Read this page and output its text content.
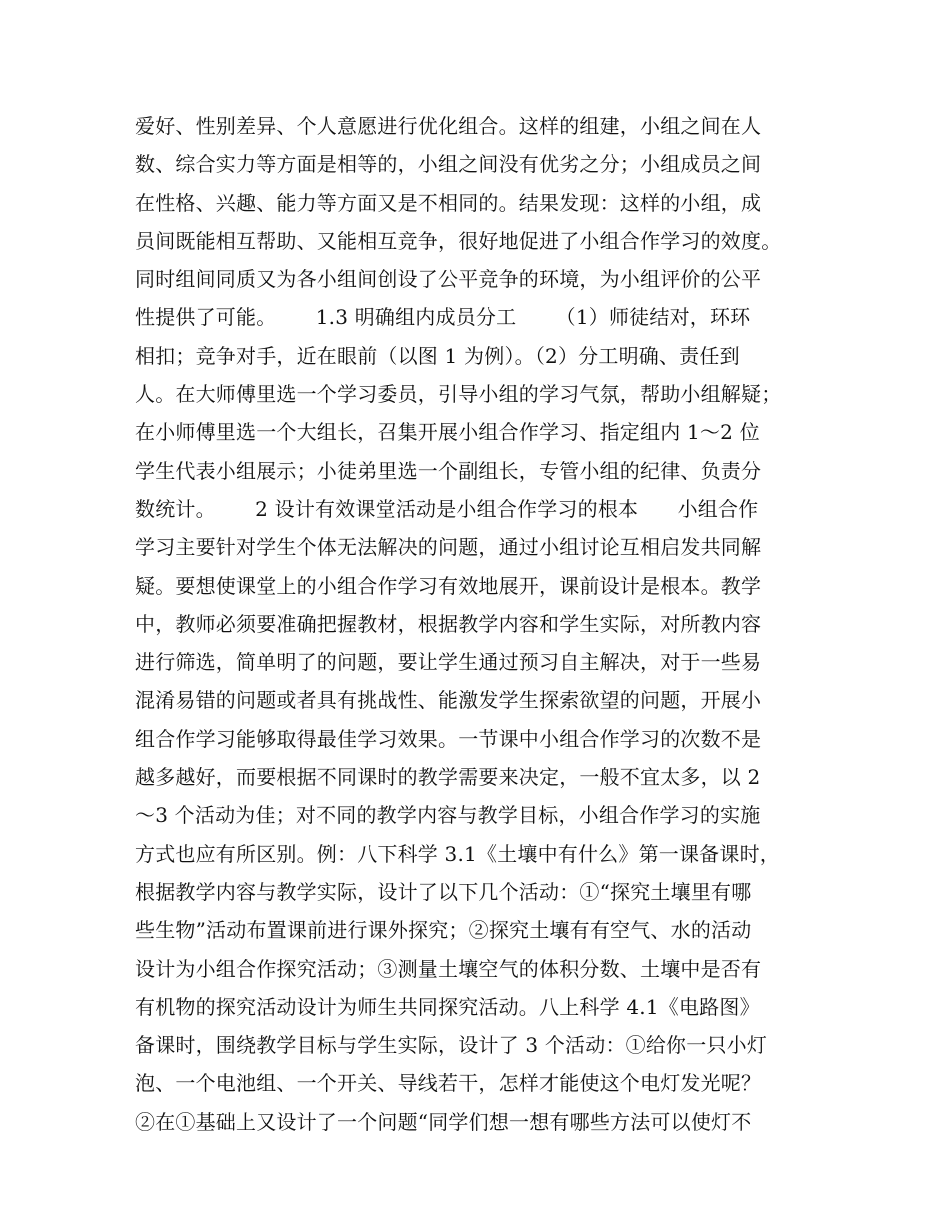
爱好、性别差异、个人意愿进行优化组合。这样的组建，小组之间在人
数、综合实力等方面是相等的，小组之间没有优劣之分；小组成员之间
在性格、兴趣、能力等方面又是不相同的。结果发现：这样的小组，成
员间既能相互帮助、又能相互竞争，很好地促进了小组合作学习的效度。
同时组间同质又为各小组间创设了公平竞争的环境，为小组评价的公平
性提供了可能。      1.3 明确组内成员分工      （1）师徒结对，环环
相扣；竞争对手，近在眼前（以图 1 为例）。（2）分工明确、责任到
人。在大师傅里选一个学习委员，引导小组的学习气氛，帮助小组解疑；
在小师傅里选一个大组长，召集开展小组合作学习、指定组内 1～2 位
学生代表小组展示；小徒弟里选一个副组长，专管小组的纪律、负责分
数统计。      2 设计有效课堂活动是小组合作学习的根本      小组合作
学习主要针对学生个体无法解决的问题，通过小组讨论互相启发共同解
疑。要想使课堂上的小组合作学习有效地展开，课前设计是根本。教学
中，教师必须要准确把握教材，根据教学内容和学生实际，对所教内容
进行筛选，简单明了的问题，要让学生通过预习自主解决，对于一些易
混淆易错的问题或者具有挑战性、能激发学生探索欲望的问题，开展小
组合作学习能够取得最佳学习效果。一节课中小组合作学习的次数不是
越多越好，而要根据不同课时的教学需要来决定，一般不宜太多，以 2
～3 个活动为佳；对不同的教学内容与教学目标，小组合作学习的实施
方式也应有所区别。例：八下科学 3.1《土壤中有什么》第一课备课时，
根据教学内容与教学实际，设计了以下几个活动：①“探究土壤里有哪
些生物”活动布置课前进行课外探究；②探究土壤有有空气、水的活动
设计为小组合作探究活动；③测量土壤空气的体积分数、土壤中是否有
有机物的探究活动设计为师生共同探究活动。八上科学 4.1《电路图》
备课时，围绕教学目标与学生实际，设计了 3 个活动：①给你一只小灯
泡、一个电池组、一个开关、导线若干，怎样才能使这个电灯发光呢？
②在①基础上又设计了一个问题“同学们想一想有哪些方法可以使灯不
